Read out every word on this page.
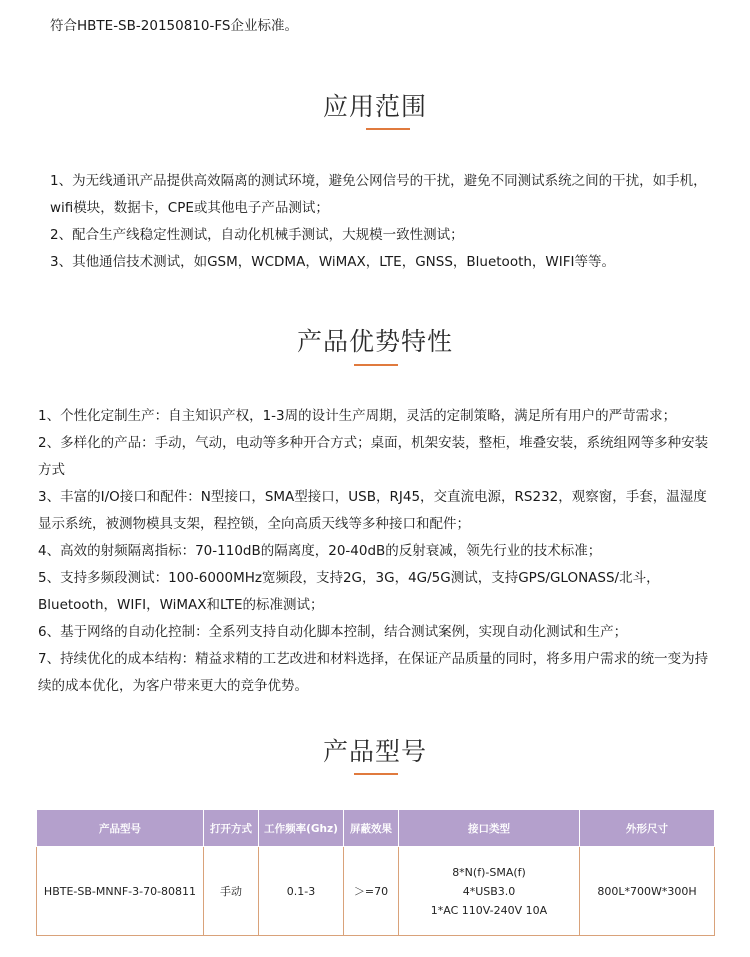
符合HBTE-SB-20150810-FS企业标准。
应用范围

1、为无线通讯产品提供高效隔离的测试环境，避免公网信号的干扰，避免不同测试系统之间的干扰，如手机，wifi模块，数据卡，CPE或其他电子产品测试；

2、配合生产线稳定性测试，自动化机械手测试，大规模一致性测试；

3、其他通信技术测试，如GSM，WCDMA，WiMAX，LTE，GNSS，Bluetooth，WIFI等等。

产品优势特性

1、个性化定制生产：自主知识产权，1-3周的设计生产周期，灵活的定制策略，满足所有用户的严苛需求；

2、多样化的产品：手动，气动，电动等多种开合方式；桌面，机架安装，整柜，堆叠安装，系统组网等多种安装方式

3、丰富的I/O接口和配件：N型接口，SMA型接口，USB，RJ45，交直流电源，RS232，观察窗，手套，温湿度显示系统，被测物模具支架，程控锁，全向高质天线等多种接口和配件；

4、高效的射频隔离指标：70-110dB的隔离度，20-40dB的反射衰减，领先行业的技术标准；

5、支持多频段测试：100-6000MHz宽频段，支持2G，3G，4G/5G测试，支持GPS/GLONASS/北斗，Bluetooth，WIFI，WiMAX和LTE的标准测试；

6、基于网络的自动化控制：全系列支持自动化脚本控制，结合测试案例，实现自动化测试和生产；

7、持续优化的成本结构：精益求精的工艺改进和材料选择，在保证产品质量的同时，将多用户需求的统一变为持续的成本优化，为客户带来更大的竞争优势。

产品型号
产品型号	打开方式	工作频率(Ghz)	屏蔽效果	接口类型	外形尺寸
HBTE-SB-MNNF-3-70-80811	手动	0.1-3	＞=70	8*N(f)-SMA(f)
4*USB3.0
1*AC 110V-240V 10A	800L*700W*300H
